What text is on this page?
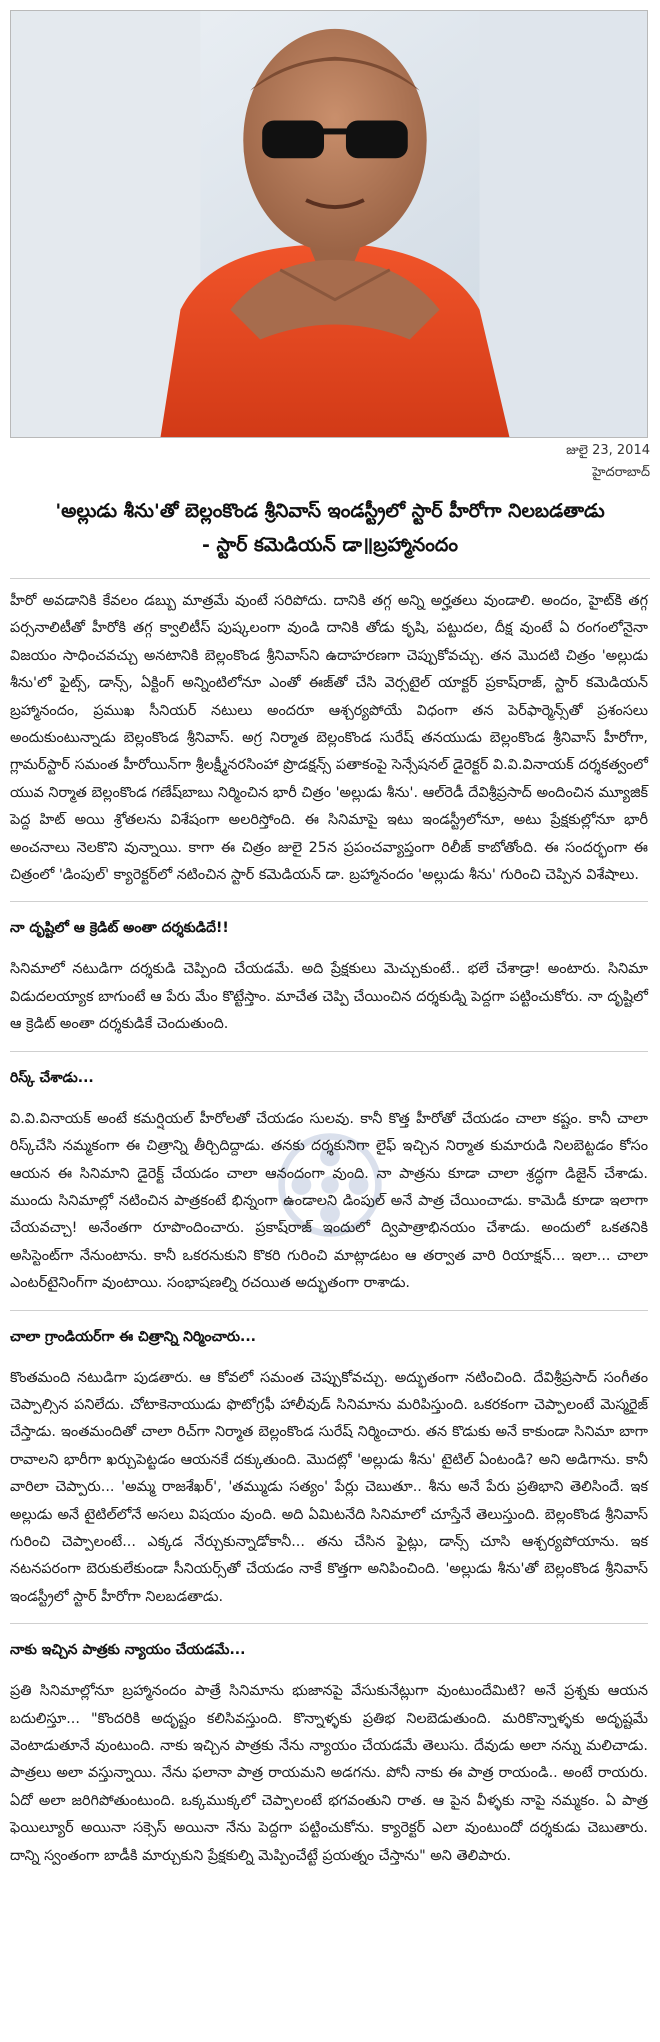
జులై 23, 2014
హైదరాబాద్
'అల్లుడు శీను'తో బెల్లంకొండ శ్రీనివాస్ ఇండస్ట్రీలో స్టార్ హీరోగా నిలబడతాడు
- స్టార్ కమెడియన్ డా॥బ్రహ్మానందం

హీరో అవడానికి కేవలం డబ్బు మాత్రమే వుంటే సరిపోదు. దానికి తగ్గ అన్ని అర్హతలు వుండాలి. అందం, హైట్‌కి తగ్గ పర్సనాలిటీతో హీరోకి తగ్గ క్వాలిటీస్ పుష్కలంగా వుండి దానికి తోడు కృషి, పట్టుదల, దీక్ష వుంటే ఏ రంగంలోనైనా విజయం సాధించవచ్చు అనటానికి బెల్లంకొండ శ్రీనివాస్‌ని ఉదాహరణగా చెప్పుకోవచ్చు. తన మొదటి చిత్రం 'అల్లుడు శీను'లో ఫైట్స్, డాన్స్, ఏక్టింగ్ అన్నింటిలోనూ ఎంతో ఈజ్‌తో చేసి వెర్సటైల్ యాక్టర్ ప్రకాష్‌రాజ్, స్టార్ కమెడియన్ బ్రహ్మానందం, ప్రముఖ సీనియర్ నటులు అందరూ ఆశ్చర్యపోయే విధంగా తన పెర్‌ఫార్మెన్స్‌తో ప్రశంసలు అందుకుంటున్నాడు బెల్లంకొండ శ్రీనివాస్. అగ్ర నిర్మాత బెల్లంకొండ సురేష్ తనయుడు బెల్లంకొండ శ్రీనివాస్ హీరోగా, గ్లామర్‌స్టార్ సమంత హీరోయిన్‌గా శ్రీలక్ష్మీనరసింహా ప్రొడక్షన్స్ పతాకంపై సెన్సేషనల్ డైరెక్టర్ వి.వి.వినాయక్ దర్శకత్వంలో యువ నిర్మాత బెల్లంకొండ గణేష్‌బాబు నిర్మించిన భారీ చిత్రం 'అల్లుడు శీను'. ఆల్‌రెడీ దేవిశ్రీప్రసాద్ అందించిన మ్యూజిక్ పెద్ద హిట్ అయి శ్రోతలను విశేషంగా అలరిస్తోంది. ఈ సినిమాపై ఇటు ఇండస్ట్రీలోనూ, అటు ప్రేక్షకుల్లోనూ భారీ అంచనాలు నెలకొని వున్నాయి. కాగా ఈ చిత్రం జులై 25న ప్రపంచవ్యాప్తంగా రిలీజ్ కాబోతోంది. ఈ సందర్భంగా ఈ చిత్రంలో 'డింపుల్' క్యారెక్టర్‌లో నటించిన స్టార్ కమెడియన్ డా. బ్రహ్మానందం 'అల్లుడు శీను' గురించి చెప్పిన విశేషాలు.

నా దృష్టిలో ఆ క్రెడిట్ అంతా దర్శకుడిదే!!

సినిమాలో నటుడిగా దర్శకుడి చెప్పింది చేయడమే. అది ప్రేక్షకులు మెచ్చుకుంటే.. భలే చేశాడ్రా! అంటారు. సినిమా విడుదలయ్యాక బాగుంటే ఆ పేరు మేం కొట్టేస్తాం. మాచేత చెప్పి చేయించిన దర్శకుడ్ని పెద్దగా పట్టించుకోరు. నా దృష్టిలో ఆ క్రెడిట్ అంతా దర్శకుడికే చెందుతుంది.

రిస్క్ చేశాడు...

వి.వి.వినాయక్ అంటే కమర్షియల్ హీరోలతో చేయడం సులవు. కానీ కొత్త హీరోతో చేయడం చాలా కష్టం. కానీ చాలా రిస్క్‌చేసి నమ్మకంగా ఈ చిత్రాన్ని తీర్చిదిద్దాడు. తనకు దర్శకునిగా లైఫ్ ఇచ్చిన నిర్మాత కుమారుడి నిలబెట్టడం కోసం ఆయన ఈ సినిమాని డైరెక్ట్ చేయడం చాలా ఆనందంగా వుంది. నా పాత్రను కూడా చాలా శ్రద్ధగా డిజైన్ చేశాడు. ముందు సినిమాల్లో నటించిన పాత్రకంటే భిన్నంగా ఉండాలని డింపుల్ అనే పాత్ర చేయించాడు. కామెడీ కూడా ఇలాగా చేయవచ్చా! అనేంతగా రూపొందించారు. ప్రకాష్‌రాజ్ ఇందులో ద్విపాత్రాభినయం చేశాడు. అందులో ఒకతనికి అసిస్టెంట్‌గా నేనుంటాను. కానీ ఒకరనుకుని కొకరి గురించి మాట్లాడటం ఆ తర్వాత వారి రియాక్షన్... ఇలా... చాలా ఎంటర్‌టైనింగ్‌గా వుంటాయి. సంభాషణల్ని రచయిత అద్భుతంగా రాశాడు.

చాలా గ్రాండియర్‌గా ఈ చిత్రాన్ని నిర్మించారు...

కొంతమంది నటుడిగా పుడతారు. ఆ కోవలో సమంత చెప్పుకోవచ్చు. అద్భుతంగా నటించింది. దేవిశ్రీప్రసాద్ సంగీతం చెప్పాల్సిన పనిలేదు. చోటాకెనాయుడు ఫొటోగ్రఫీ హాలీవుడ్ సినిమాను మరిపిస్తుంది. ఒకరకంగా చెప్పాలంటే మెస్మరైజ్ చేస్తాడు. ఇంతమందితో చాలా రిచ్‌గా నిర్మాత బెల్లంకొండ సురేష్ నిర్మించారు. తన కొడుకు అనే కాకుండా సినిమా బాగా రావాలని భారీగా ఖర్చుపెట్టడం ఆయనకే దక్కుతుంది. మొదట్లో 'అల్లుడు శీను' టైటిల్ ఏంటండి? అని అడిగాను. కానీ వారిలా చెప్పారు... 'అమ్మ రాజశేఖర్', 'తమ్ముడు సత్యం' పేర్లు చెబుతూ.. శీను అనే పేరు ప్రతిభాని తెలిసిందే. ఇక అల్లుడు అనే టైటిల్‌లోనే అసలు విషయం వుంది. అది ఏమిటనేది సినిమాలో చూస్తేనే తెలుస్తుంది. బెల్లంకొండ శ్రీనివాస్ గురించి చెప్పాలంటే... ఎక్కడ నేర్చుకున్నాడోకానీ... తను చేసిన ఫైట్లు, డాన్స్ చూసి ఆశ్చర్యపోయాను. ఇక నటనపరంగా బెరుకులేకుండా సీనియర్స్‌తో చేయడం నాకే కొత్తగా అనిపించింది. 'అల్లుడు శీను'తో బెల్లంకొండ శ్రీనివాస్ ఇండస్ట్రీలో స్టార్ హీరోగా నిలబడతాడు.

నాకు ఇచ్చిన పాత్రకు న్యాయం చేయడమే...

ప్రతి సినిమాల్లోనూ బ్రహ్మానందం పాత్రే సినిమాను భుజానపై వేసుకునేట్లుగా వుంటుందేమిటి? అనే ప్రశ్నకు ఆయన బదులిస్తూ... "కొందరికి అదృష్టం కలిసివస్తుంది. కొన్నాళ్ళకు ప్రతిభ నిలబెడుతుంది. మరికొన్నాళ్ళకు అదృష్టమే వెంటాడుతూనే వుంటుంది. నాకు ఇచ్చిన పాత్రకు నేను న్యాయం చేయడమే తెలుసు. దేవుడు అలా నన్ను మలిచాడు. పాత్రలు అలా వస్తున్నాయి. నేను ఫలానా పాత్ర రాయమని అడగను. పోనీ నాకు ఈ పాత్ర రాయండి.. అంటే రాయరు. ఏదో అలా జరిగిపోతుంటుంది. ఒక్కముక్కలో చెప్పాలంటే భగవంతుని రాత. ఆ పైన వీళ్ళకు నాపై నమ్మకం. ఏ పాత్ర ఫెయిల్యూర్ అయినా సక్సెస్ అయినా నేను పెద్దగా పట్టించుకోను. క్యారెక్టర్ ఎలా వుంటుందో దర్శకుడు చెబుతారు. దాన్ని స్వంతంగా బాడీకి మార్చుకుని ప్రేక్షకుల్ని మెప్పించేట్టే ప్రయత్నం చేస్తాను" అని తెలిపారు.
